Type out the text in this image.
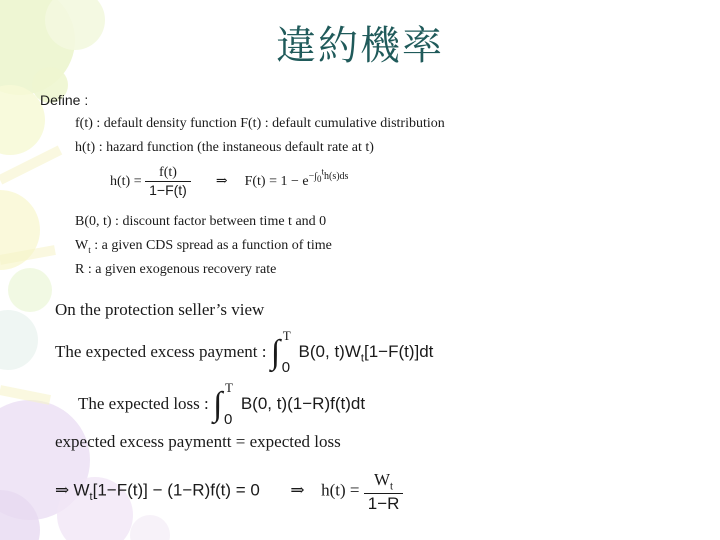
違約機率
Define :
f(t) : default density function F(t) : default cumulative distribution
h(t) : hazard function (the instaneous default rate at t)
$h(t) = \frac{f(t)}{1-F(t)}$ ⇒ $F(t) = 1 - e^{-\int_0^th(s)ds}$
B(0, t) : discount factor between time t and 0
$W_t$ : a given CDS spread as a function of time
R : a given exogenous recovery rate
On the protection seller’s view
The expected excess payment : ∫ T
0
B(0, $t)W_t[1-F(t)]dt$
The expected loss : ∫ T
0
B(0, t)(1−R)f(t)dt
expected excess paymentt = expected loss
⇒ $W_t[1-F(t)] - (1-R)f(t) = 0$ ⇒ $h(t) = \frac{W_t}{1-R}$
